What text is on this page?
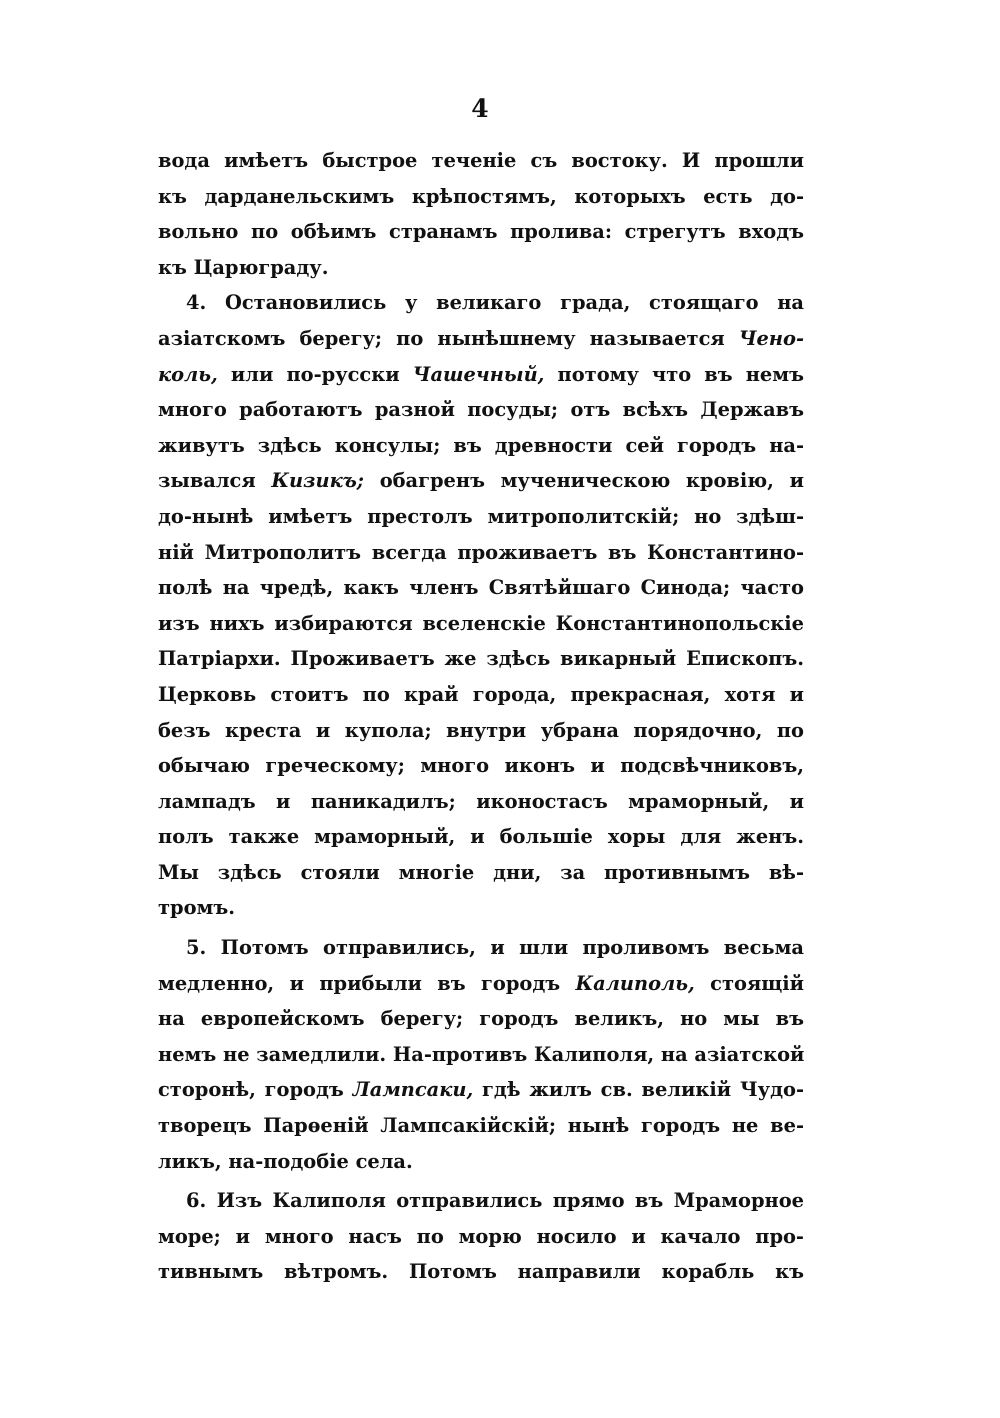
4
вода имѣетъ быстрое теченіе съ востоку. И прошли
къ дарданельскимъ крѣпостямъ, которыхъ есть до-
вольно по обѣимъ странамъ пролива: стрегутъ входъ
къ Царюграду.
4. Остановились у великаго града, стоящаго на
азіатскомъ берегу; по нынѣшнему называется Чено-
коль, или по-русски Чашечный, потому что въ немъ
много работаютъ разной посуды; отъ всѣхъ Державъ
живутъ здѣсь консулы; въ древности сей городъ на-
зывался Кизикъ; обагренъ мученическою кровію, и
до-нынѣ имѣетъ престолъ митрополитскій; но здѣш-
ній Митрополитъ всегда проживаетъ въ Константино-
полѣ на чредѣ, какъ членъ Святѣйшаго Синода; часто
изъ нихъ избираются вселенскіе Константинопольскіе
Патріархи. Проживаетъ же здѣсь викарный Епископъ.
Церковь стоитъ по край города, прекрасная, хотя и
безъ креста и купола; внутри убрана порядочно, по
обычаю греческому; много иконъ и подсвѣчниковъ,
лампадъ и паникадилъ; иконостасъ мраморный, и
полъ также мраморный, и большіе хоры для женъ.
Мы здѣсь стояли многіе дни, за противнымъ вѣ-
тромъ.
5. Потомъ отправились, и шли проливомъ весьма
медленно, и прибыли въ городъ Калиполь, стоящій
на европейскомъ берегу; городъ великъ, но мы въ
немъ не замедлили. На-противъ Калиполя, на азіатской
сторонѣ, городъ Лампсаки, гдѣ жилъ св. великій Чудо-
творецъ Парѳеній Лампсакійскій; нынѣ городъ не ве-
ликъ, на-подобіе села.
6. Изъ Калиполя отправились прямо въ Мраморное
море; и много насъ по морю носило и качало про-
тивнымъ вѣтромъ. Потомъ направили корабль къ
